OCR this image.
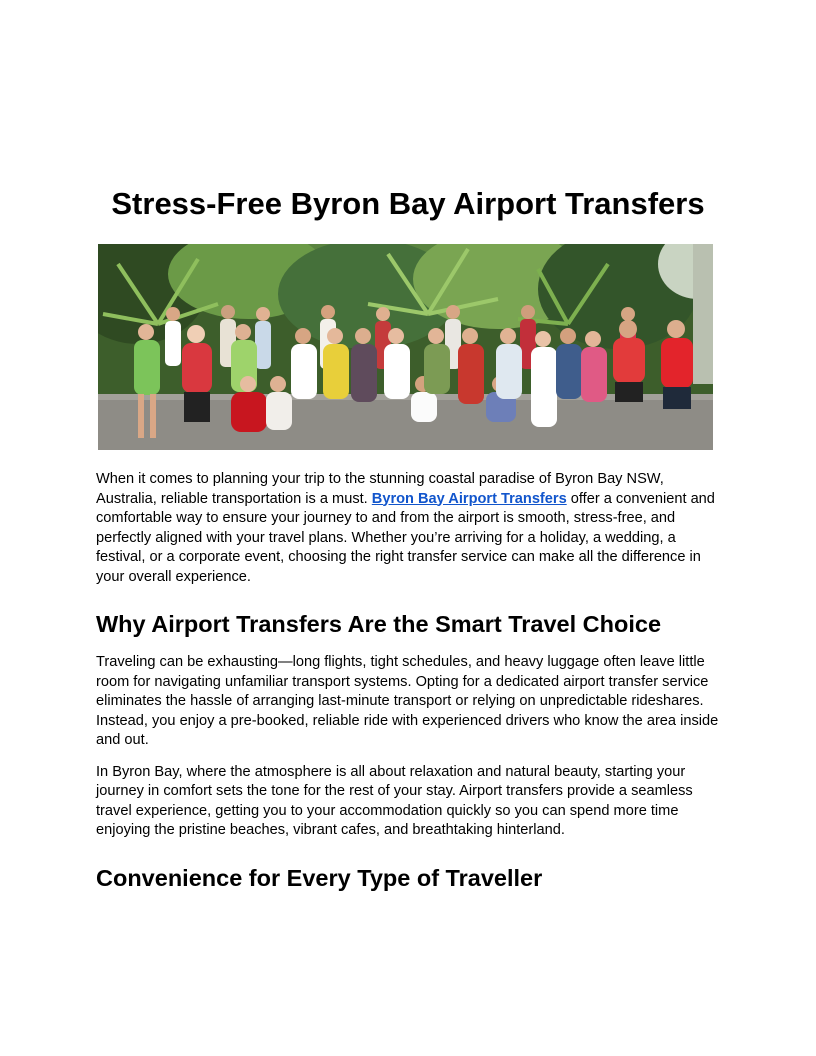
Stress-Free Byron Bay Airport Transfers

When it comes to planning your trip to the stunning coastal paradise of Byron Bay NSW, Australia, reliable transportation is a must. Byron Bay Airport Transfers offer a convenient and comfortable way to ensure your journey to and from the airport is smooth, stress-free, and perfectly aligned with your travel plans. Whether you’re arriving for a holiday, a wedding, a festival, or a corporate event, choosing the right transfer service can make all the difference in your overall experience.

Why Airport Transfers Are the Smart Travel Choice

Traveling can be exhausting—long flights, tight schedules, and heavy luggage often leave little room for navigating unfamiliar transport systems. Opting for a dedicated airport transfer service eliminates the hassle of arranging last-minute transport or relying on unpredictable rideshares. Instead, you enjoy a pre-booked, reliable ride with experienced drivers who know the area inside and out.

In Byron Bay, where the atmosphere is all about relaxation and natural beauty, starting your journey in comfort sets the tone for the rest of your stay. Airport transfers provide a seamless travel experience, getting you to your accommodation quickly so you can spend more time enjoying the pristine beaches, vibrant cafes, and breathtaking hinterland.

Convenience for Every Type of Traveller
